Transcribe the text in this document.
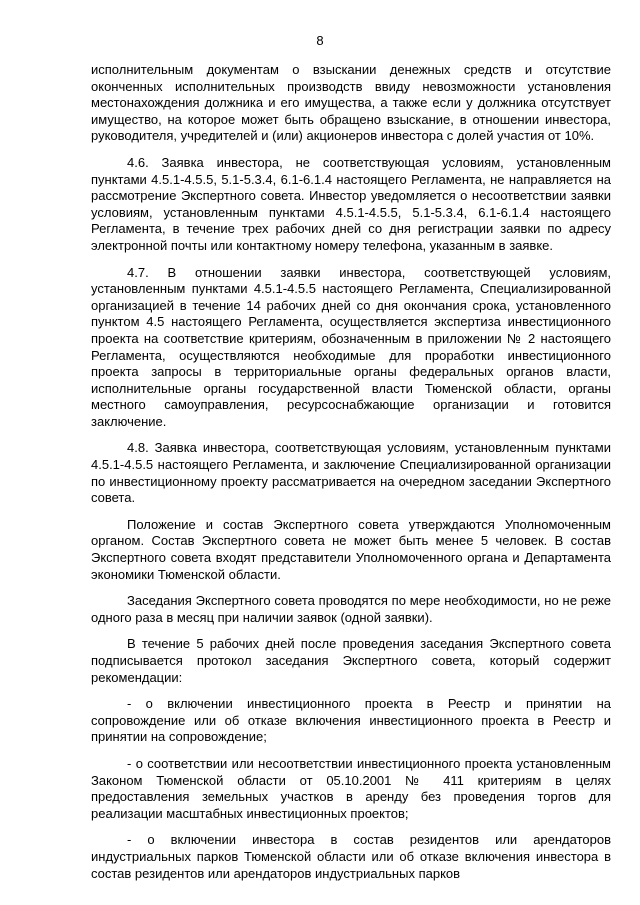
8

исполнительным документам о взыскании денежных средств и отсутствие оконченных исполнительных производств ввиду невозможности установления местонахождения должника и его имущества, а также если у должника отсутствует имущество, на которое может быть обращено взыскание, в отношении инвестора, руководителя, учредителей и (или) акционеров инвестора с долей участия от 10%.

4.6. Заявка инвестора, не соответствующая условиям, установленным пунктами 4.5.1-4.5.5, 5.1-5.3.4, 6.1-6.1.4 настоящего Регламента, не направляется на рассмотрение Экспертного совета. Инвестор уведомляется о несоответствии заявки условиям, установленным пунктами 4.5.1-4.5.5, 5.1-5.3.4, 6.1-6.1.4 настоящего Регламента, в течение трех рабочих дней со дня регистрации заявки по адресу электронной почты или контактному номеру телефона, указанным в заявке.

4.7. В отношении заявки инвестора, соответствующей условиям, установленным пунктами 4.5.1-4.5.5 настоящего Регламента, Специализированной организацией в течение 14 рабочих дней со дня окончания срока, установленного пунктом 4.5 настоящего Регламента, осуществляется экспертиза инвестиционного проекта на соответствие критериям, обозначенным в приложении № 2 настоящего Регламента, осуществляются необходимые для проработки инвестиционного проекта запросы в территориальные органы федеральных органов власти, исполнительные органы государственной власти Тюменской области, органы местного самоуправления, ресурсоснабжающие организации и готовится заключение.

4.8. Заявка инвестора, соответствующая условиям, установленным пунктами 4.5.1-4.5.5 настоящего Регламента, и заключение Специализированной организации по инвестиционному проекту рассматривается на очередном заседании Экспертного совета.

Положение и состав Экспертного совета утверждаются Уполномоченным органом. Состав Экспертного совета не может быть менее 5 человек. В состав Экспертного совета входят представители Уполномоченного органа и Департамента экономики Тюменской области.

Заседания Экспертного совета проводятся по мере необходимости, но не реже одного раза в месяц при наличии заявок (одной заявки).

В течение 5 рабочих дней после проведения заседания Экспертного совета подписывается протокол заседания Экспертного совета, который содержит рекомендации:

- о включении инвестиционного проекта в Реестр и принятии на сопровождение или об отказе включения инвестиционного проекта в Реестр и принятии на сопровождение;

- о соответствии или несоответствии инвестиционного проекта установленным Законом Тюменской области от 05.10.2001 № 411 критериям в целях предоставления земельных участков в аренду без проведения торгов для реализации масштабных инвестиционных проектов;

- о включении инвестора в состав резидентов или арендаторов индустриальных парков Тюменской области или об отказе включения инвестора в состав резидентов или арендаторов индустриальных парков
